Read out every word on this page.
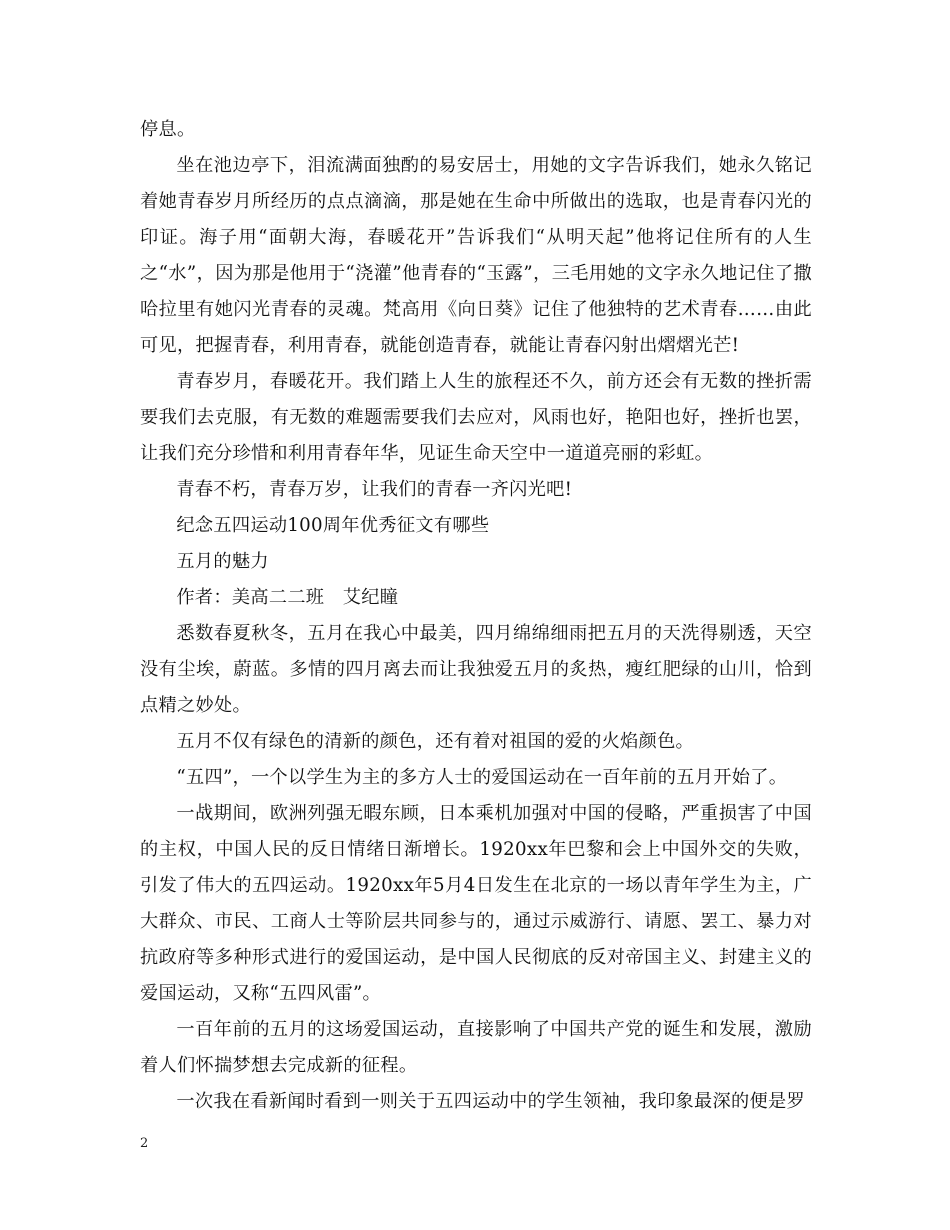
停息。

坐在池边亭下，泪流满面独酌的易安居士，用她的文字告诉我们，她永久铭记着她青春岁月所经历的点点滴滴，那是她在生命中所做出的选取，也是青春闪光的印证。海子用“面朝大海，春暖花开”告诉我们“从明天起”他将记住所有的人生之“水”，因为那是他用于“浇灌”他青春的“玉露”，三毛用她的文字永久地记住了撒哈拉里有她闪光青春的灵魂。梵高用《向日葵》记住了他独特的艺术青春……由此可见，把握青春，利用青春，就能创造青春，就能让青春闪射出熠熠光芒!

青春岁月，春暖花开。我们踏上人生的旅程还不久，前方还会有无数的挫折需要我们去克服，有无数的难题需要我们去应对，风雨也好，艳阳也好，挫折也罢，让我们充分珍惜和利用青春年华，见证生命天空中一道道亮丽的彩虹。

青春不朽，青春万岁，让我们的青春一齐闪光吧!

纪念五四运动100周年优秀征文有哪些

五月的魅力

作者：美高二二班　艾纪瞳

悉数春夏秋冬，五月在我心中最美，四月绵绵细雨把五月的天洗得剔透，天空没有尘埃，蔚蓝。多情的四月离去而让我独爱五月的炙热，瘦红肥绿的山川，恰到点精之妙处。

五月不仅有绿色的清新的颜色，还有着对祖国的爱的火焰颜色。

“五四”，一个以学生为主的多方人士的爱国运动在一百年前的五月开始了。

一战期间，欧洲列强无暇东顾，日本乘机加强对中国的侵略，严重损害了中国的主权，中国人民的反日情绪日渐增长。1920xx年巴黎和会上中国外交的失败，引发了伟大的五四运动。1920xx年5月4日发生在北京的一场以青年学生为主，广大群众、市民、工商人士等阶层共同参与的，通过示威游行、请愿、罢工、暴力对抗政府等多种形式进行的爱国运动，是中国人民彻底的反对帝国主义、封建主义的爱国运动，又称“五四风雷”。

一百年前的五月的这场爱国运动，直接影响了中国共产党的诞生和发展，激励着人们怀揣梦想去完成新的征程。

一次我在看新闻时看到一则关于五四运动中的学生领袖，我印象最深的便是罗

2
